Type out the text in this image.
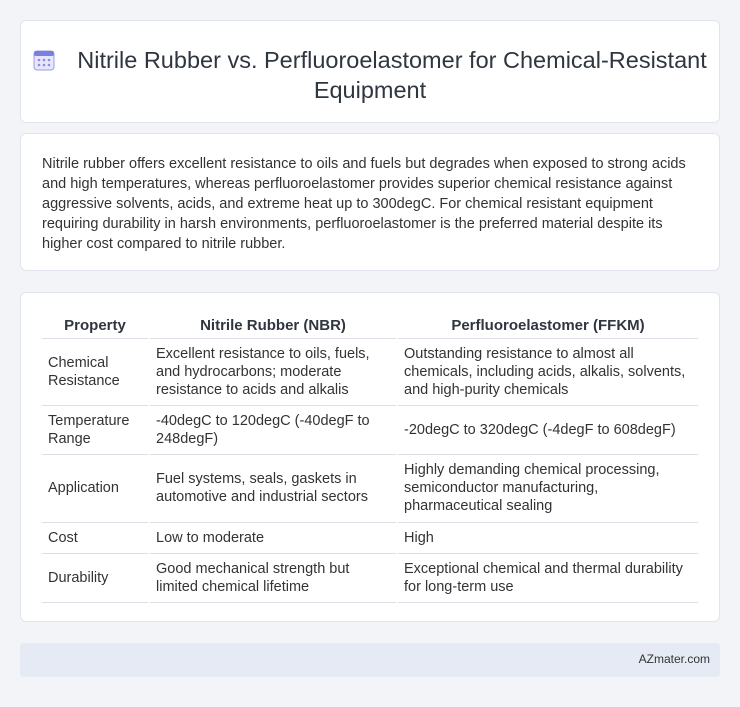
Nitrile Rubber vs. Perfluoroelastomer for Chemical-Resistant Equipment

Nitrile rubber offers excellent resistance to oils and fuels but degrades when exposed to strong acids and high temperatures, whereas perfluoroelastomer provides superior chemical resistance against aggressive solvents, acids, and extreme heat up to 300degC. For chemical resistant equipment requiring durability in harsh environments, perfluoroelastomer is the preferred material despite its higher cost compared to nitrile rubber.

Property	Nitrile Rubber (NBR)	Perfluoroelastomer (FFKM)
Chemical Resistance	Excellent resistance to oils, fuels, and hydrocarbons; moderate resistance to acids and alkalis	Outstanding resistance to almost all chemicals, including acids, alkalis, solvents, and high-purity chemicals
Temperature Range	-40degC to 120degC (-40degF to 248degF)	-20degC to 320degC (-4degF to 608degF)
Application	Fuel systems, seals, gaskets in automotive and industrial sectors	Highly demanding chemical processing, semiconductor manufacturing, pharmaceutical sealing
Cost	Low to moderate	High
Durability	Good mechanical strength but limited chemical lifetime	Exceptional chemical and thermal durability for long-term use
AZmater.com
